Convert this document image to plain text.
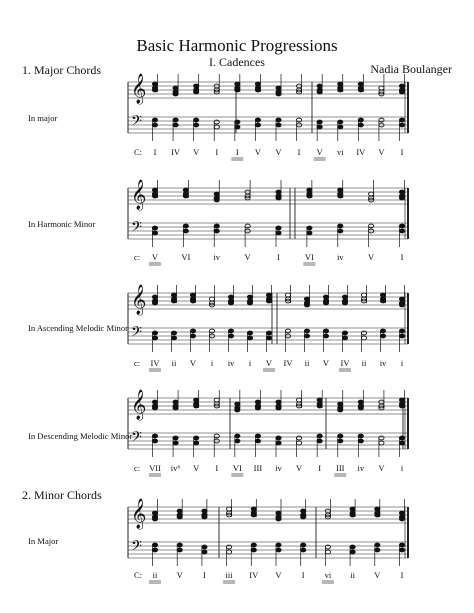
Basic Harmonic Progressions
I. Cadences	Nadia Boulanger
1. Major Chords
2. Minor Chords
In major
In Harmonic Minor
In Ascending Melodic Minor
In Descending Melodic Minor
In Major
𝄞
𝄢
I IV V I I V V I V vi IV V I
C:
𝄞
𝄢
V	VI	iv	V	I	VI	iv	V	I
c:
𝄞
𝄢
IV ii V i iv i V IV ii V IV ii iv i
c:
𝄞
𝄢
VII iv⁶ V I VI III iv V I III iv V i
c:
𝄞
𝄢
ii V I iii IV V I vi ii V I
C:
